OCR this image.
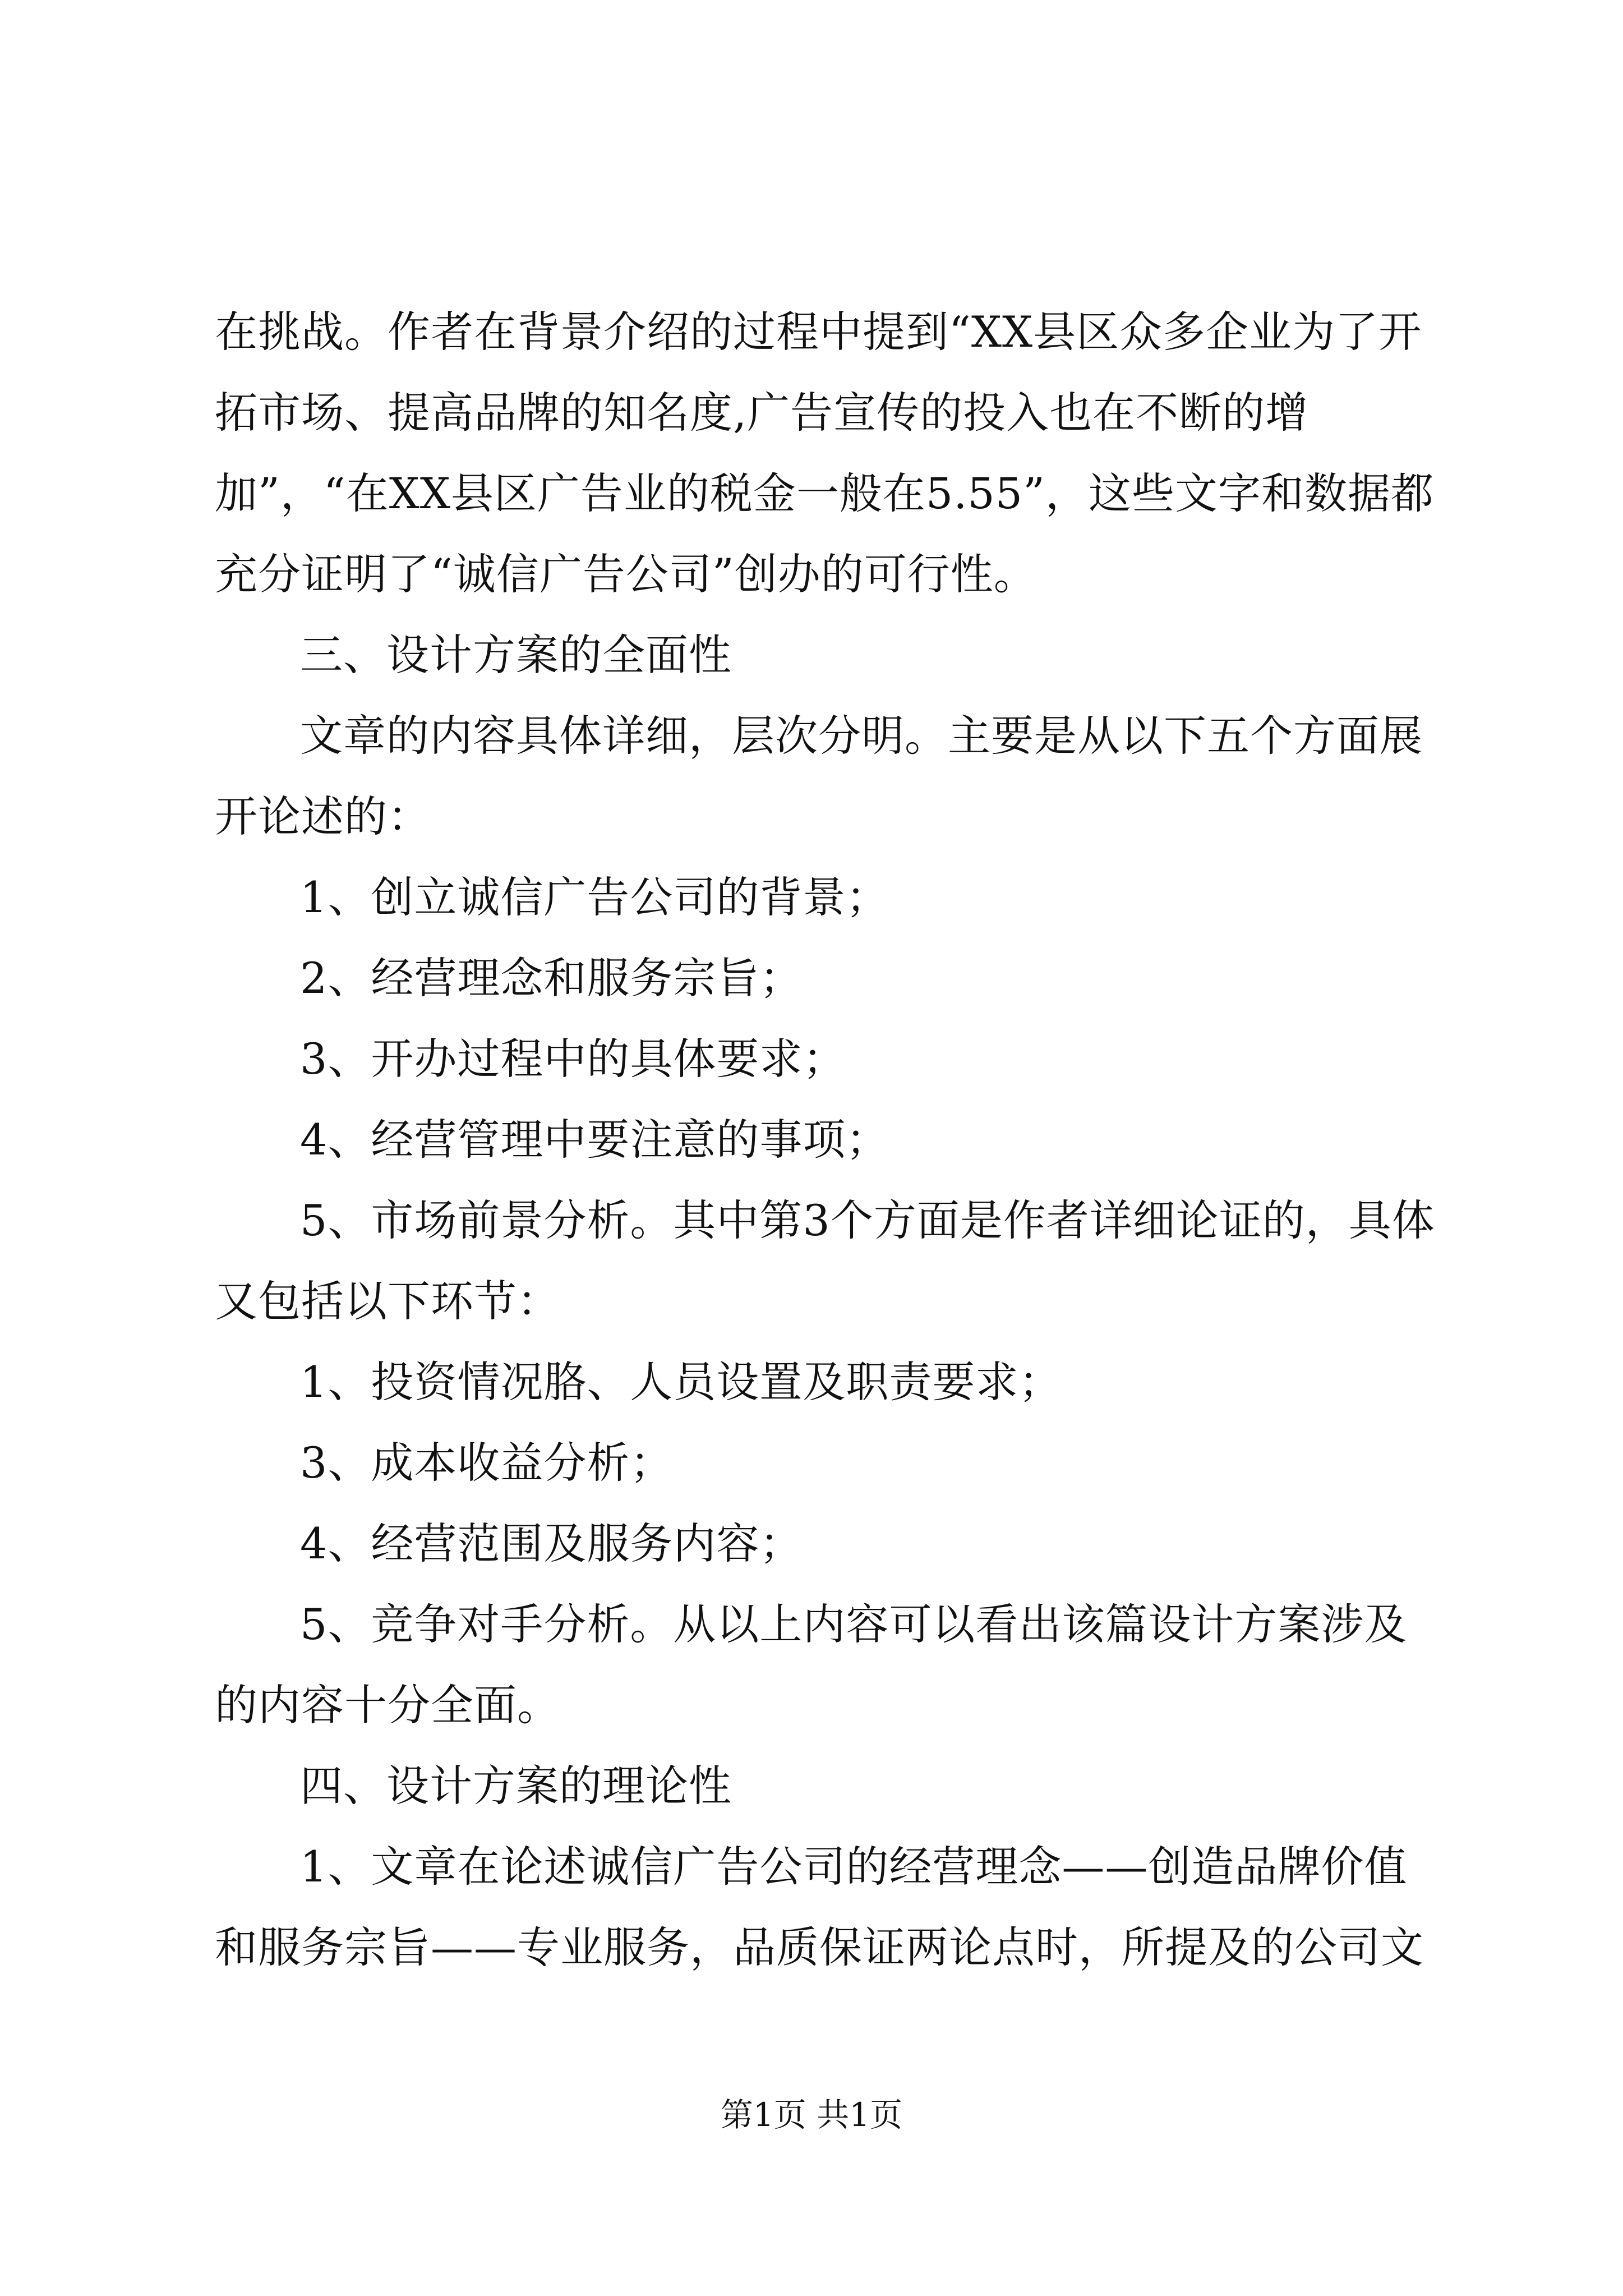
在挑战。作者在背景介绍的过程中提到“XX县区众多企业为了开拓市场、提高品牌的知名度,广告宣传的投入也在不断的增加”，“在XX县区广告业的税金一般在5.55”，这些文字和数据都充分证明了“诚信广告公司”创办的可行性。

三、设计方案的全面性

文章的内容具体详细，层次分明。主要是从以下五个方面展开论述的：

1、创立诚信广告公司的背景；

2、经营理念和服务宗旨；

3、开办过程中的具体要求；

4、经营管理中要注意的事项；

5、市场前景分析。其中第3个方面是作者详细论证的，具体又包括以下环节：

1、投资情况胳、人员设置及职责要求；

3、成本收益分析；

4、经营范围及服务内容；

5、竞争对手分析。从以上内容可以看出该篇设计方案涉及的内容十分全面。

四、设计方案的理论性

1、文章在论述诚信广告公司的经营理念——创造品牌价值和服务宗旨——专业服务，品质保证两论点时，所提及的公司文

第1页 共1页
